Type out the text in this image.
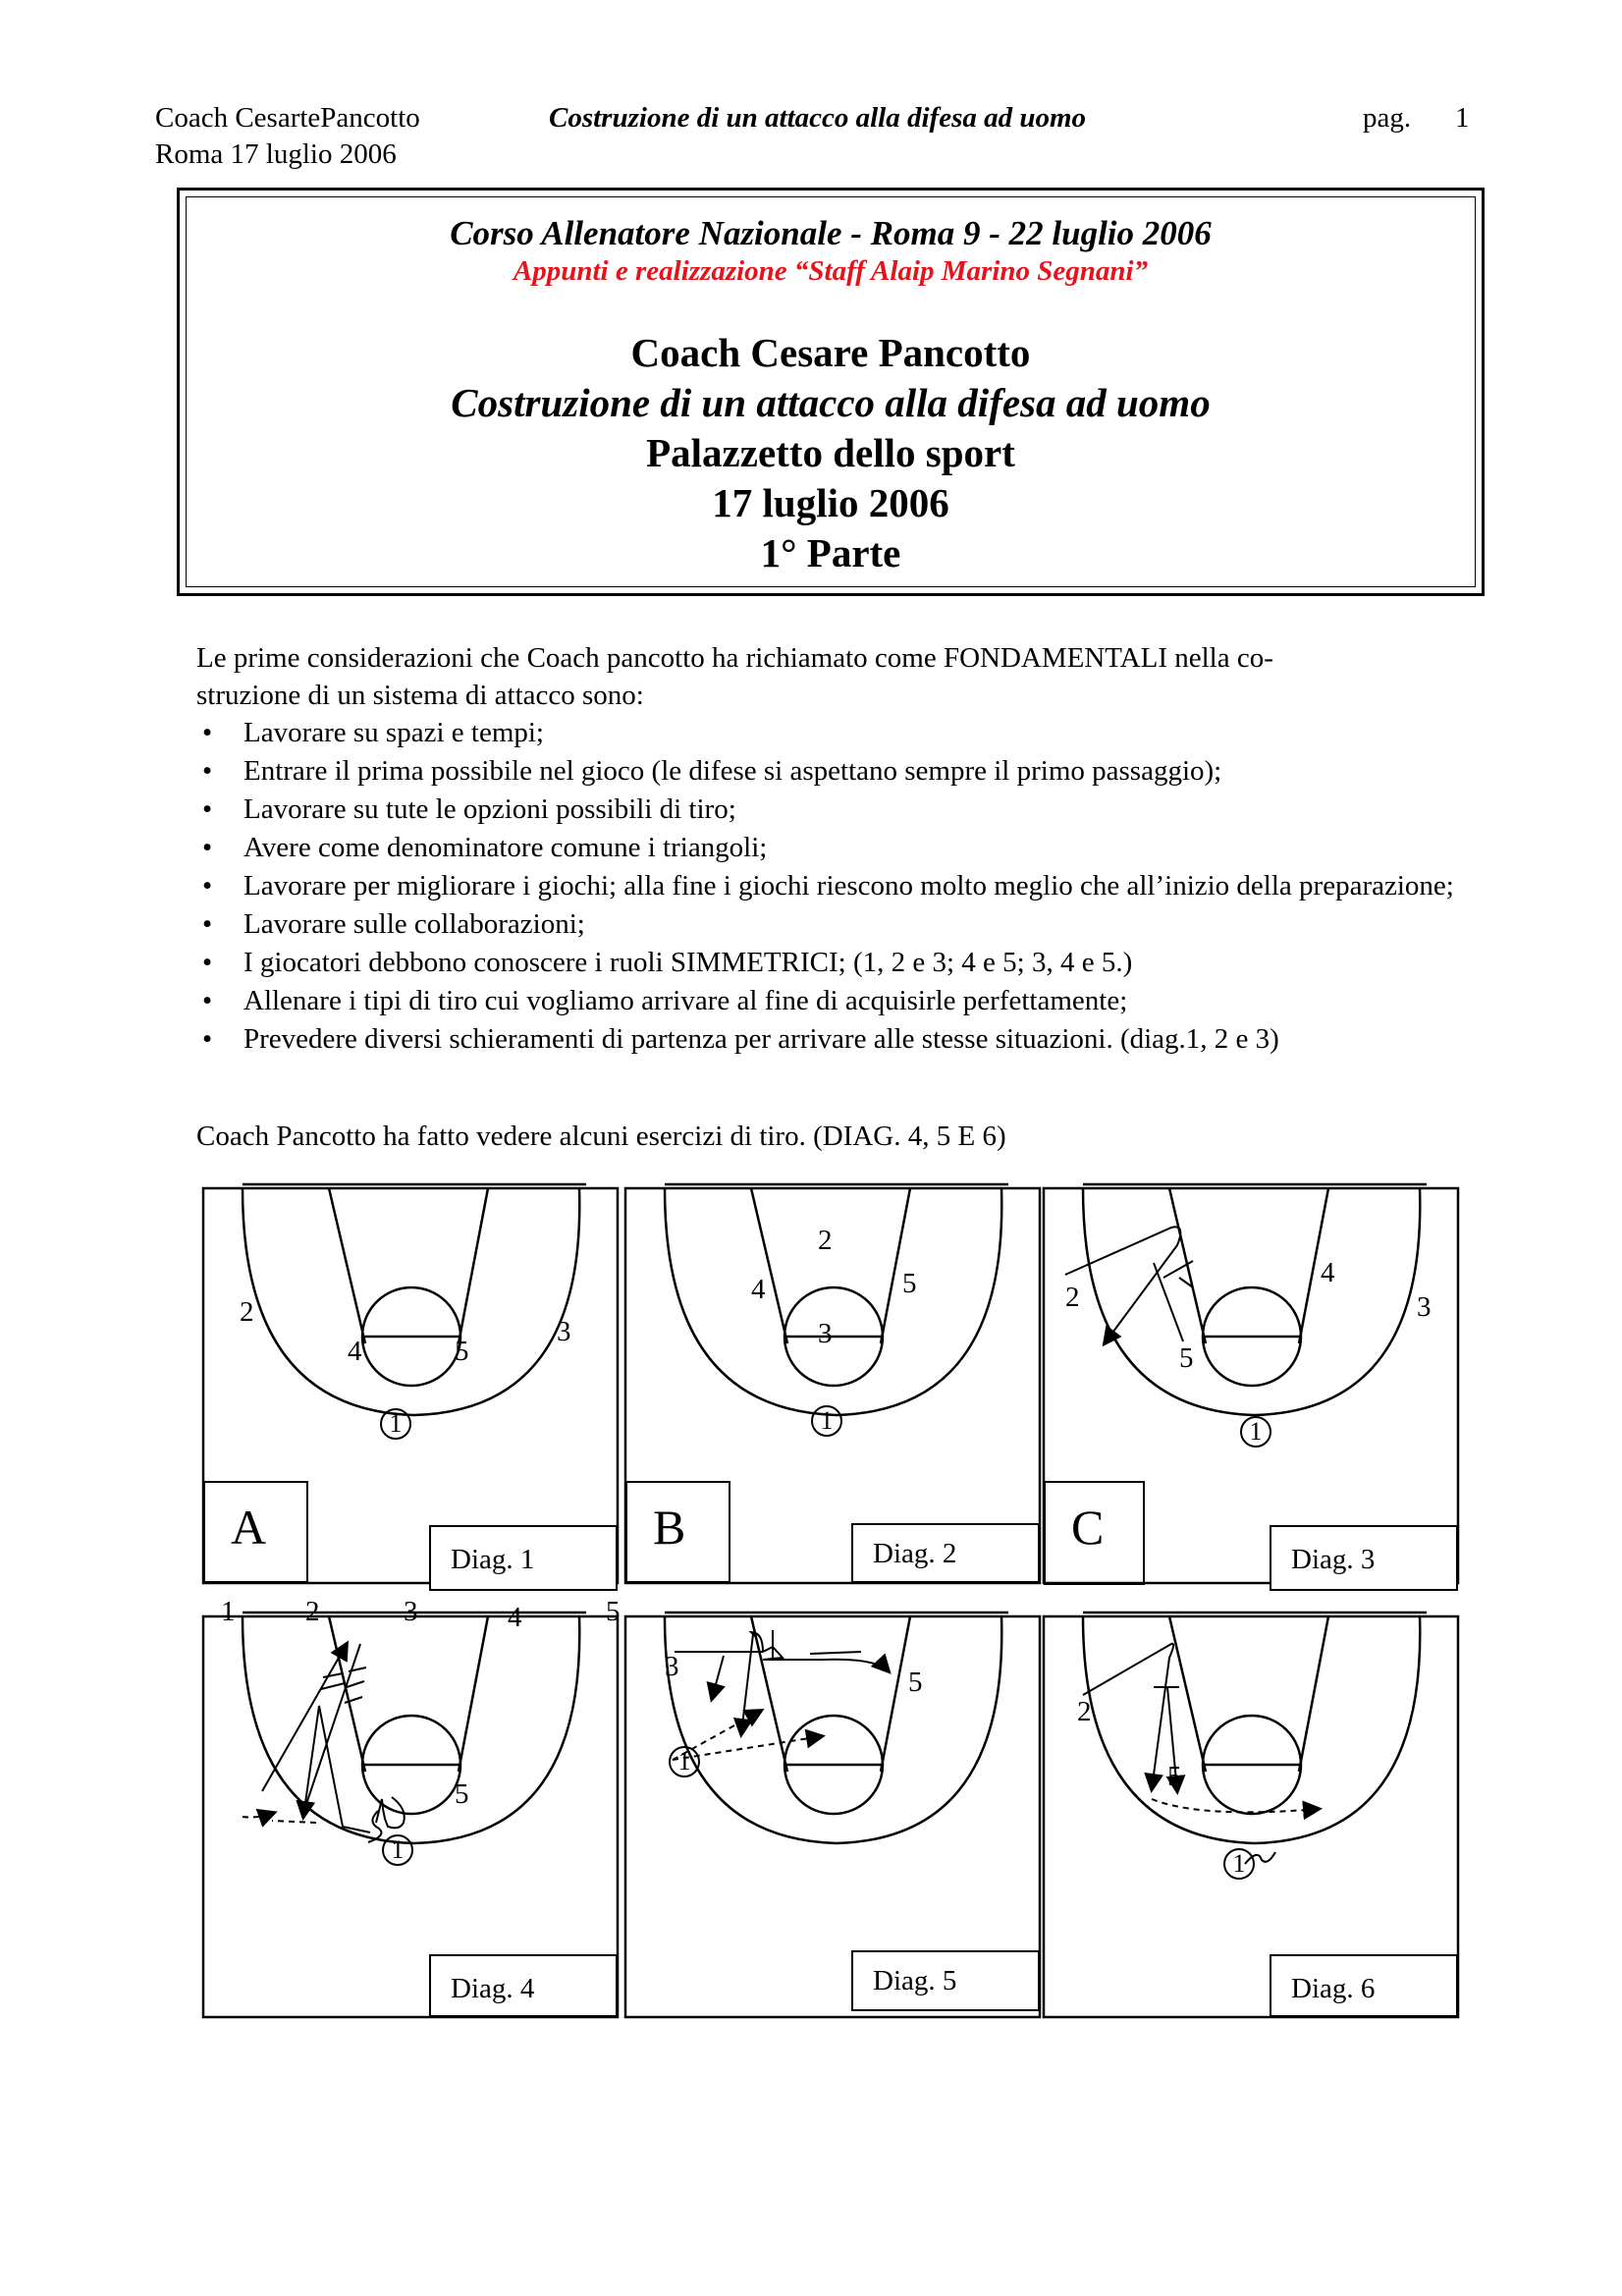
Coach CesartePancotto
Roma 17 luglio 2006
Costruzione di un attacco alla difesa ad uomo	pag. 1
Corso Allenatore Nazionale - Roma 9 - 22 luglio 2006
Appunti e realizzazione “Staff Alaip Marino Segnani”
Coach Cesare Pancotto
Costruzione di un attacco alla difesa ad uomo
Palazzetto dello sport
17 luglio 2006
1° Parte
Le prime considerazioni che Coach pancotto ha richiamato come FONDAMENTALI nella co-
struzione di un sistema di attacco sono:
• Lavorare su spazi e tempi;
• Entrare il prima possibile nel gioco (le difese si aspettano sempre il primo passaggio);
• Lavorare su tute le opzioni possibili di tiro;
• Avere come denominatore comune i triangoli;
• Lavorare per migliorare i giochi; alla fine i giochi riescono molto meglio che all’inizio della preparazione;
• Lavorare sulle collaborazioni;
• I giocatori debbono conoscere i ruoli SIMMETRICI; (1, 2 e 3; 4 e 5; 3, 4 e 5.)
• Allenare i tipi di tiro cui vogliamo arrivare al fine di acquisirle perfettamente;
• Prevedere diversi schieramenti di partenza per arrivare alle stesse situazioni. (diag.1, 2 e 3)
Coach Pancotto ha fatto vedere alcuni esercizi di tiro. (DIAG. 4, 5 E 6)
2
3
4	5
1
A
Diag. 1
2
4	5
3
1
B	Diag. 2
2
4
3
5
1
C
Diag. 3
1 2	3	4	5
5
1
Diag. 4
3	5
1
Diag. 5
2
5
1
Diag. 6
